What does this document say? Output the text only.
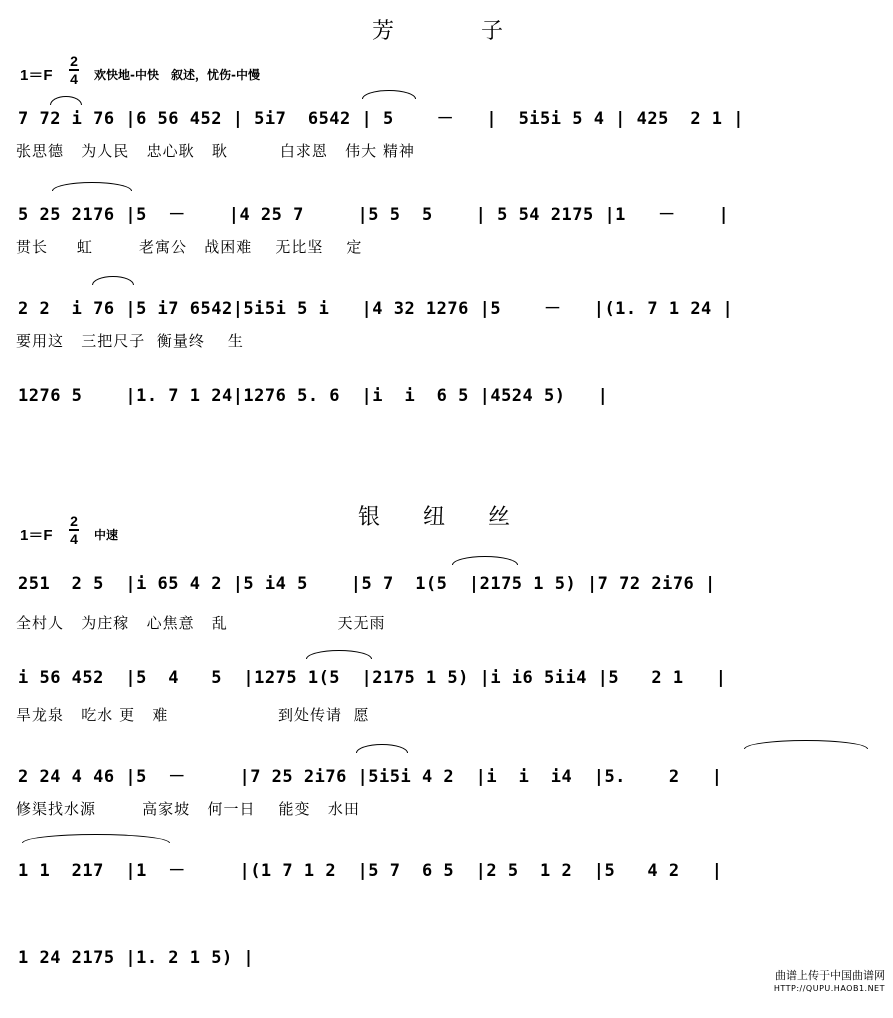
芳 子
1＝F
2
4 欢快地-中快　叙述，忧伤-中慢
7 72 i 76 |6 56 452 | 5i7  6542 | 5    －   |  5i5i 5 4 | 425  2 1 |
张思德   为人民   忠心耿   耿         白求恩   伟大 精神
5 25 2176 |5  －    |4 25 7     |5 5  5    | 5 54 2175 |1   －    |
贯长     虹        老寓公   战困难    无比坚    定
2 2  i 76 |5 i7 6542|5i5i 5 i   |4 32 1276 |5    －   |(1. 7 1 24 |
要用这   三把尺子  衡量终    生
1276 5    |1. 7 1 24|1276 5. 6  |i  i  6 5 |4524 5)   |
银 纽 丝
1＝F
2
4 中速
251  2 5  |i 65 4 2 |5 i4 5    |5 7  1(5  |2175 1 5) |7 72 2i76 |
全村人   为庄稼   心焦意   乱                   天无雨
i 56 452  |5  4   5  |1275 1(5  |2175 1 5) |i i6 5ii4 |5   2 1   |
旱龙泉   吃水 更   难                   到处传请  愿
2 24 4 46 |5  －     |7 25 2i76 |5i5i 4 2  |i  i  i4  |5.    2   |
修渠找水源        高家坡   何一日    能变   水田
1 1  217  |1  －     |(1 7 1 2  |5 7  6 5  |2 5  1 2  |5   4 2   |
1 24 2175 |1. 2 1 5) |
曲谱上传于中国曲谱网
HTTP://QUPU.HAOB1.NET
